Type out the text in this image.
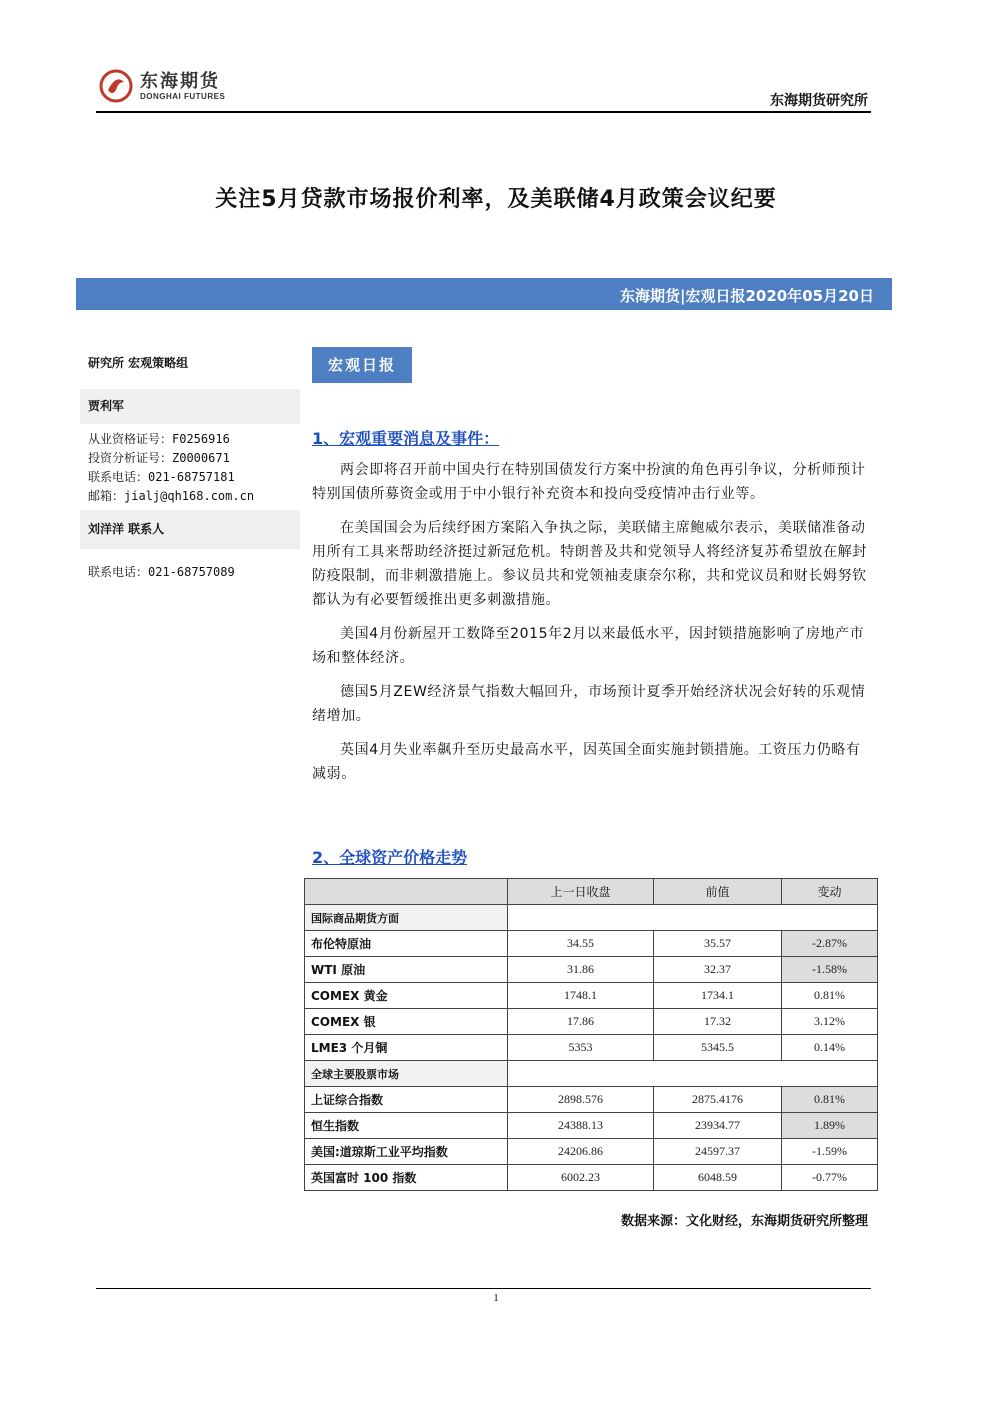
东海期货
DONGHAI FUTURES	东海期货研究所
关注5月贷款市场报价利率，及美联储4月政策会议纪要
东海期货|宏观日报2020年05月20日
研究所 宏观策略组
贾利军
从业资格证号：F0256916
投资分析证号：Z0000671
联系电话：021-68757181
邮箱：jialj@qh168.com.cn
刘洋洋 联系人
联系电话：021-68757089
宏观日报
1、宏观重要消息及事件：

两会即将召开前中国央行在特别国债发行方案中扮演的角色再引争议，分析师预计特别国债所募资金或用于中小银行补充资本和投向受疫情冲击行业等。

在美国国会为后续纾困方案陷入争执之际，美联储主席鲍威尔表示，美联储准备动用所有工具来帮助经济挺过新冠危机。特朗普及共和党领导人将经济复苏希望放在解封防疫限制，而非刺激措施上。参议员共和党领袖麦康奈尔称，共和党议员和财长姆努钦都认为有必要暂缓推出更多刺激措施。

美国4月份新屋开工数降至2015年2月以来最低水平，因封锁措施影响了房地产市场和整体经济。

德国5月ZEW经济景气指数大幅回升，市场预计夏季开始经济状况会好转的乐观情绪增加。

英国4月失业率飙升至历史最高水平，因英国全面实施封锁措施。工资压力仍略有减弱。

2、全球资产价格走势
	上一日收盘	前值	变动
国际商品期货方面			
布伦特原油	34.55	35.57	-2.87%
WTI 原油	31.86	32.37	-1.58%
COMEX 黄金	1748.1	1734.1	0.81%
COMEX 银	17.86	17.32	3.12%
LME3 个月铜	5353	5345.5	0.14%
全球主要股票市场			
上证综合指数	2898.576	2875.4176	0.81%
恒生指数	24388.13	23934.77	1.89%
美国:道琼斯工业平均指数	24206.86	24597.37	-1.59%
英国富时 100 指数	6002.23	6048.59	-0.77%
数据来源：文化财经，东海期货研究所整理
1
